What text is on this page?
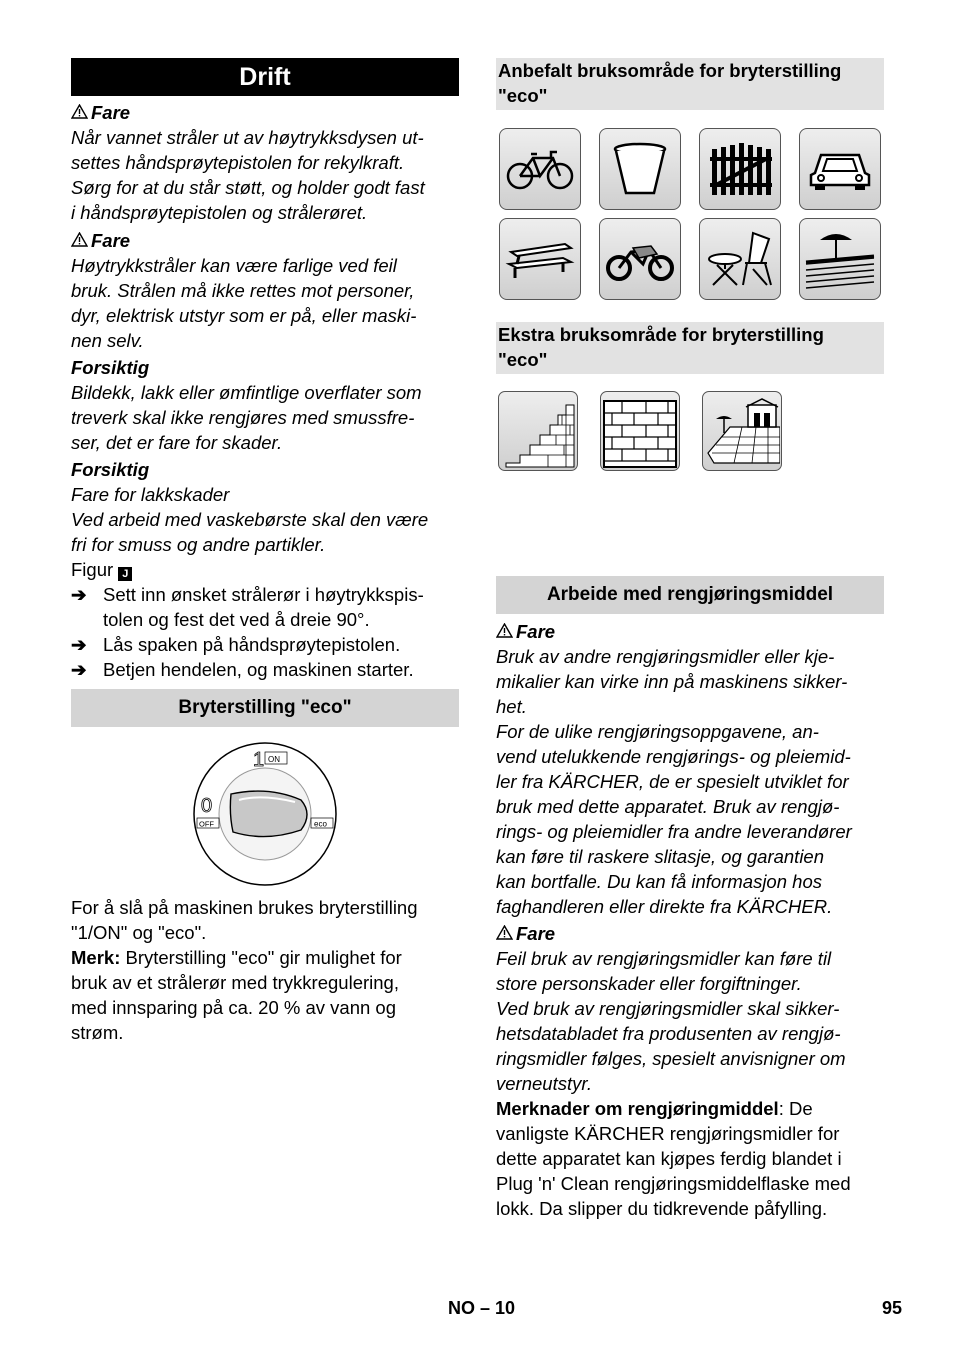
Drift
Fare
Når vannet stråler ut av høytrykksdysen ut-
settes håndsprøytepistolen for rekylkraft.
Sørg for at du står støtt, og holder godt fast
i håndsprøytepistolen og strålerøret.
Fare
Høytrykkstråler kan være farlige ved feil
bruk. Strålen må ikke rettes mot personer,
dyr, elektrisk utstyr som er på, eller maski-
nen selv.
Forsiktig
Bildekk, lakk eller ømfintlige overflater som
treverk skal ikke rengjøres med smussfre-
ser, det er fare for skader.
Forsiktig
Fare for lakkskader
Ved arbeid med vaskebørste skal den være
fri for smuss og andre partikler.
Figur J
➔ Sett inn ønsket strålerør i høytrykkspis-
tolen og fest det ved å dreie 90°.
➔ Lås spaken på håndsprøytepistolen.
➔ Betjen hendelen, og maskinen starter.
Bryterstilling "eco"
1 ON
0
OFF	eco
For å slå på maskinen brukes bryterstilling
"1/ON" og "eco".
Merk: Bryterstilling "eco" gir mulighet for
bruk av et strålerør med trykkregulering,
med innsparing på ca. 20 % av vann og
strøm.
Anbefalt bruksområde for bryterstilling
"eco"
Ekstra bruksområde for bryterstilling
"eco"
Arbeide med rengjøringsmiddel
Fare
Bruk av andre rengjøringsmidler eller kje-
mikalier kan virke inn på maskinens sikker-
het.
For de ulike rengjøringsoppgavene, an-
vend utelukkende rengjørings- og pleiemid-
ler fra KÄRCHER, de er spesielt utviklet for
bruk med dette apparatet. Bruk av rengjø-
rings- og pleiemidler fra andre leverandører
kan føre til raskere slitasje, og garantien
kan bortfalle. Du kan få informasjon hos
faghandleren eller direkte fra KÄRCHER.
Fare
Feil bruk av rengjøringsmidler kan føre til
store personskader eller forgiftninger.
Ved bruk av rengjøringsmidler skal sikker-
hetsdatabladet fra produsenten av rengjø-
ringsmidler følges, spesielt anvisnigner om
verneutstyr.
Merknader om rengjøringmiddel: De
vanligste KÄRCHER rengjøringsmidler for
dette apparatet kan kjøpes ferdig blandet i
Plug 'n' Clean rengjøringsmiddelflaske med
lokk. Da slipper du tidkrevende påfylling.
NO – 10	95
